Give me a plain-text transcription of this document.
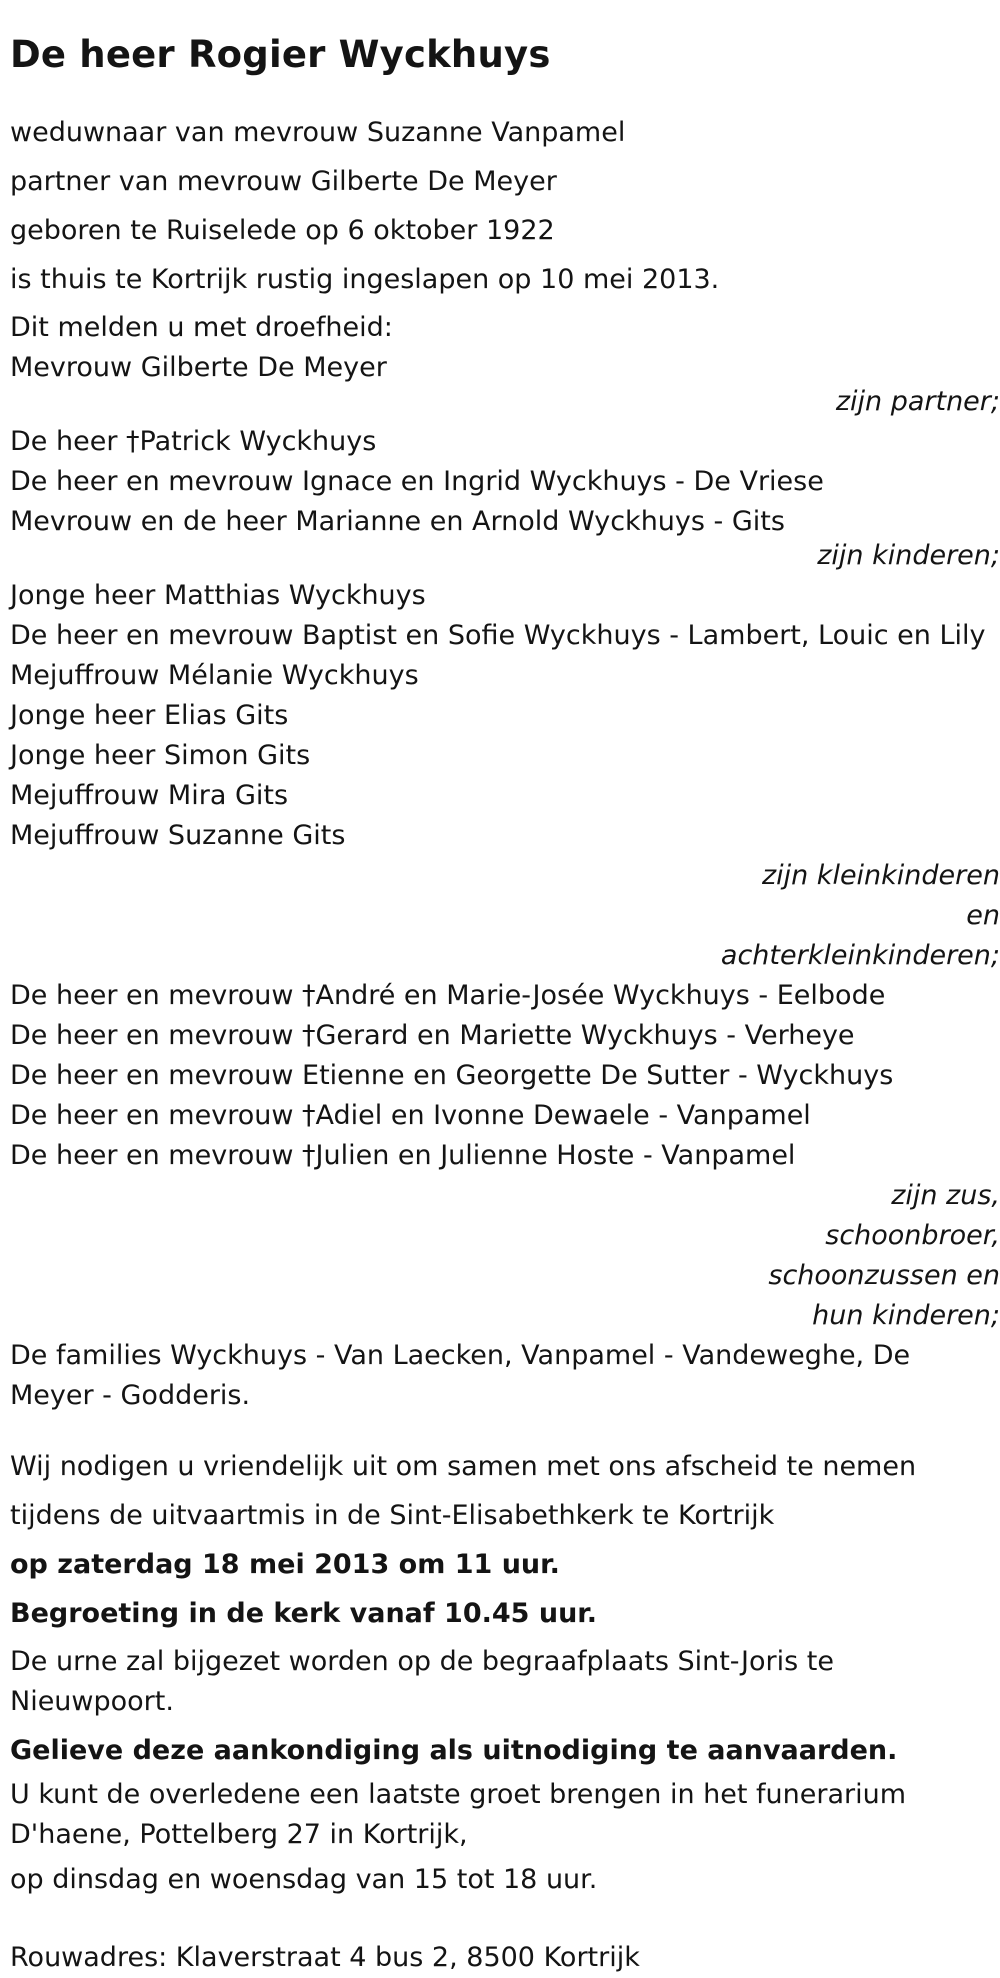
De heer Rogier Wyckhuys
weduwnaar van mevrouw Suzanne Vanpamel
partner van mevrouw Gilberte De Meyer
geboren te Ruiselede op 6 oktober 1922
is thuis te Kortrijk rustig ingeslapen op 10 mei 2013.
Dit melden u met droefheid:
Mevrouw Gilberte De Meyer
zijn partner;
De heer †Patrick Wyckhuys
De heer en mevrouw Ignace en Ingrid Wyckhuys - De Vriese
Mevrouw en de heer Marianne en Arnold Wyckhuys - Gits
zijn kinderen;
Jonge heer Matthias Wyckhuys
De heer en mevrouw Baptist en Sofie Wyckhuys - Lambert, Louic en Lily
Mejuffrouw Mélanie Wyckhuys
Jonge heer Elias Gits
Jonge heer Simon Gits
Mejuffrouw Mira Gits
Mejuffrouw Suzanne Gits
zijn kleinkinderen
en
achterkleinkinderen;
De heer en mevrouw †André en Marie-Josée Wyckhuys - Eelbode
De heer en mevrouw †Gerard en Mariette Wyckhuys - Verheye
De heer en mevrouw Etienne en Georgette De Sutter - Wyckhuys
De heer en mevrouw †Adiel en Ivonne Dewaele - Vanpamel
De heer en mevrouw †Julien en Julienne Hoste - Vanpamel
zijn zus,
schoonbroer,
schoonzussen en
hun kinderen;
De families Wyckhuys - Van Laecken, Vanpamel - Vandeweghe, De Meyer - Godderis.
Wij nodigen u vriendelijk uit om samen met ons afscheid te nemen
tijdens de uitvaartmis in de Sint-Elisabethkerk te Kortrijk
op zaterdag 18 mei 2013 om 11 uur.
Begroeting in de kerk vanaf 10.45 uur.
De urne zal bijgezet worden op de begraafplaats Sint-Joris te Nieuwpoort.
Gelieve deze aankondiging als uitnodiging te aanvaarden.
U kunt de overledene een laatste groet brengen in het funerarium D'haene, Pottelberg 27 in Kortrijk,
op dinsdag en woensdag van 15 tot 18 uur.
Rouwadres: Klaverstraat 4 bus 2, 8500 Kortrijk
